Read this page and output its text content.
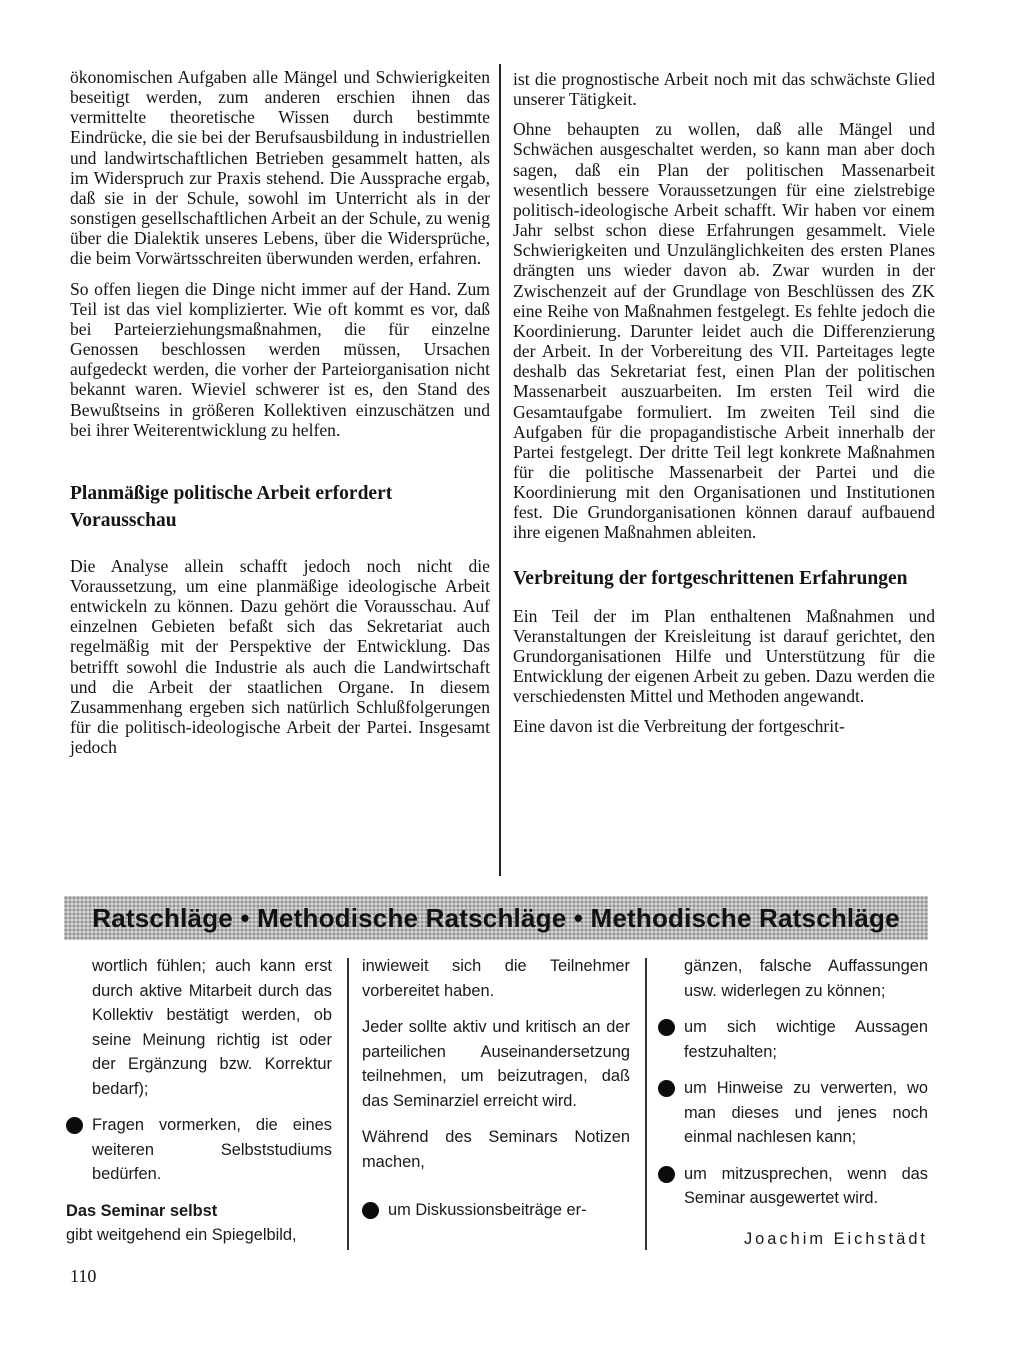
ökonomischen Aufgaben alle Mängel und Schwierigkeiten beseitigt werden, zum anderen erschien ihnen das vermittelte theoretische Wissen durch bestimmte Eindrücke, die sie bei der Berufsausbildung in industriellen und landwirtschaftlichen Betrieben gesammelt hatten, als im Widerspruch zur Praxis stehend. Die Aussprache ergab, daß sie in der Schule, sowohl im Unterricht als in der sonstigen gesellschaftlichen Arbeit an der Schule, zu wenig über die Dialektik unseres Lebens, über die Widersprüche, die beim Vorwärtsschreiten überwunden werden, erfahren.

So offen liegen die Dinge nicht immer auf der Hand. Zum Teil ist das viel komplizierter. Wie oft kommt es vor, daß bei Parteierziehungsmaßnahmen, die für einzelne Genossen beschlossen werden müssen, Ursachen aufgedeckt werden, die vorher der Parteiorganisation nicht bekannt waren. Wieviel schwerer ist es, den Stand des Bewußtseins in größeren Kollektiven einzuschätzen und bei ihrer Weiterentwicklung zu helfen.

Planmäßige politische Arbeit erfordert Vorausschau

Die Analyse allein schafft jedoch noch nicht die Voraussetzung, um eine planmäßige ideologische Arbeit entwickeln zu können. Dazu gehört die Vorausschau. Auf einzelnen Gebieten befaßt sich das Sekretariat auch regelmäßig mit der Perspektive der Entwicklung. Das betrifft sowohl die Industrie als auch die Landwirtschaft und die Arbeit der staatlichen Organe. In diesem Zusammenhang ergeben sich natürlich Schlußfolgerungen für die politisch-ideologische Arbeit der Partei. Insgesamt jedoch

ist die prognostische Arbeit noch mit das schwächste Glied unserer Tätigkeit.

Ohne behaupten zu wollen, daß alle Mängel und Schwächen ausgeschaltet werden, so kann man aber doch sagen, daß ein Plan der politischen Massenarbeit wesentlich bessere Voraussetzungen für eine zielstrebige politisch-ideologische Arbeit schafft. Wir haben vor einem Jahr selbst schon diese Erfahrungen gesammelt. Viele Schwierigkeiten und Unzulänglichkeiten des ersten Planes drängten uns wieder davon ab. Zwar wurden in der Zwischenzeit auf der Grundlage von Beschlüssen des ZK eine Reihe von Maßnahmen festgelegt. Es fehlte jedoch die Koordinierung. Darunter leidet auch die Differenzierung der Arbeit. In der Vorbereitung des VII. Parteitages legte deshalb das Sekretariat fest, einen Plan der politischen Massenarbeit auszuarbeiten. Im ersten Teil wird die Gesamtaufgabe formuliert. Im zweiten Teil sind die Aufgaben für die propagandistische Arbeit innerhalb der Partei festgelegt. Der dritte Teil legt konkrete Maßnahmen für die politische Massenarbeit der Partei und die Koordinierung mit den Organisationen und Institutionen fest. Die Grundorganisationen können darauf aufbauend ihre eigenen Maßnahmen ableiten.

Verbreitung der fortgeschrittenen Erfahrungen

Ein Teil der im Plan enthaltenen Maßnahmen und Veranstaltungen der Kreisleitung ist darauf gerichtet, den Grundorganisationen Hilfe und Unterstützung für die Entwicklung der eigenen Arbeit zu geben. Dazu werden die verschiedensten Mittel und Methoden angewandt.

Eine davon ist die Verbreitung der fortgeschrit-

Ratschläge • Methodische Ratschläge • Methodische Ratschläge

wortlich fühlen; auch kann erst durch aktive Mitarbeit durch das Kollektiv bestätigt werden, ob seine Meinung richtig ist oder der Ergänzung bzw. Korrektur bedarf);

Fragen vormerken, die eines weiteren Selbststudiums bedürfen.

Das Seminar selbst

gibt weitgehend ein Spiegelbild,

inwieweit sich die Teilnehmer vorbereitet haben.

Jeder sollte aktiv und kritisch an der parteilichen Auseinandersetzung teilnehmen, um beizutragen, daß das Seminarziel erreicht wird.

Während des Seminars Notizen machen,

um Diskussionsbeiträge er-

gänzen, falsche Auffassungen usw. widerlegen zu können;

um sich wichtige Aussagen festzuhalten;
um Hinweise zu verwerten, wo man dieses und jenes noch einmal nachlesen kann;
um mitzusprechen, wenn das Seminar ausgewertet wird.

Joachim Eichstädt

110
